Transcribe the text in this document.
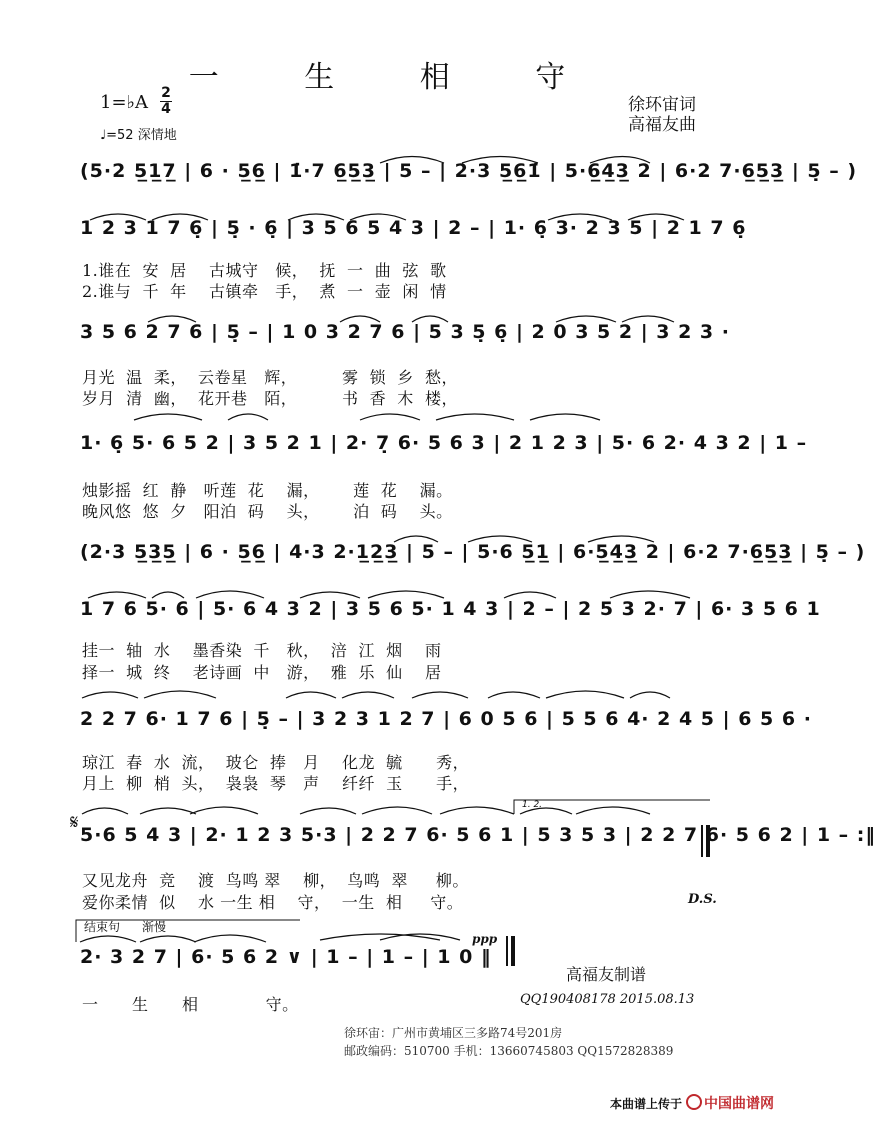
一 生 相 守
1=♭A 2
4
♩=52 深情地
徐环宙词
高福友曲
(5·2 5̲1̲7̲ | 6 · 5̲6̲ | 1̇·7 6̲5̲3̲ | 5 – | 2·3 5̲6̲1̇ | 5·6̲4̲3̲ 2 | 6·2 7·6̲5̲3̲ | 5̣ – )
1 2 3 1 7 6̣ | 5̣ · 6̣ | 3 5 6 5 4 3 | 2 – | 1· 6̣ 3· 2 3 5 | 2 1 7 6̣
1.谁在  安  居    古城守   候，  抚  一  曲  弦  歌
2.谁与  千  年    古镇牵   手，  煮  一  壶  闲  情
3 5 6 2 7 6 | 5̣ – | 1 0 3 2 7 6 | 5 3 5̣ 6̣ | 2 0 3 5 2 | 3 2 3 ·
月光  温  柔，  云卷星   辉，        雾  锁  乡  愁，
岁月  清  幽，  花开巷   陌，        书  香  木  楼，
1· 6̣ 5· 6 5 2 | 3 5 2 1 | 2· 7̣ 6· 5 6 3 | 2 1 2 3 | 5· 6 2· 4 3 2 | 1 –
烛影摇  红  静   听莲  花    漏，      莲  花    漏。
晚风悠  悠  夕   阳泊  码    头，      泊  码    头。
(2·3 5̲3̲5̲ | 6 · 5̲6̲ | 4·3 2·1̲2̲3̲ | 5 – | 5·6 5̲1̲ | 6·5̲4̲3̲ 2 | 6·2 7·6̲5̲3̲ | 5̣ – )
1 7 6 5· 6 | 5· 6 4 3 2 | 3 5 6 5· 1 4 3 | 2 – | 2 5 3 2· 7 | 6· 3 5 6 1
挂一  轴  水    墨香染  千   秋，  涪  江  烟    雨
择一  城  终    老诗画  中   游，  雅  乐  仙    居
2 2 7 6· 1 7 6 | 5̣ – | 3 2 3 1 2 7 | 6 0 5 6 | 5 5 6 4· 2 4 5 | 6 5 6 ·
琼江  春  水  流，  玻仑  捧   月    化龙  毓      秀，
月上  柳  梢  头，  袅袅  琴   声    纤纤  玉      手，
𝄋
1. 2.
5·6 5 4 3 | 2· 1 2 3 5·3 | 2 2 7 6· 5 6 1 | 5 3 5 3 | 2 2 7 6· 5 6 2 | 1 – :‖
又见龙舟  竞    渡  鸟鸣 翠    柳，  鸟鸣  翠     柳。
爱你柔情  似    水 一生 相    守，  一生  相     守。	D.S.
结束句 渐慢
ppp
2· 3 2 7 | 6· 5 6 2 ∨ | 1 – | 1 – | 1 0 ‖
一      生      相            守。
高福友制谱
QQ190408178 2015.08.13
徐环宙：广州市黄埔区三多路74号201房
邮政编码：510700 手机：13660745803 QQ1572828389
本曲谱上传于	中国曲谱网
